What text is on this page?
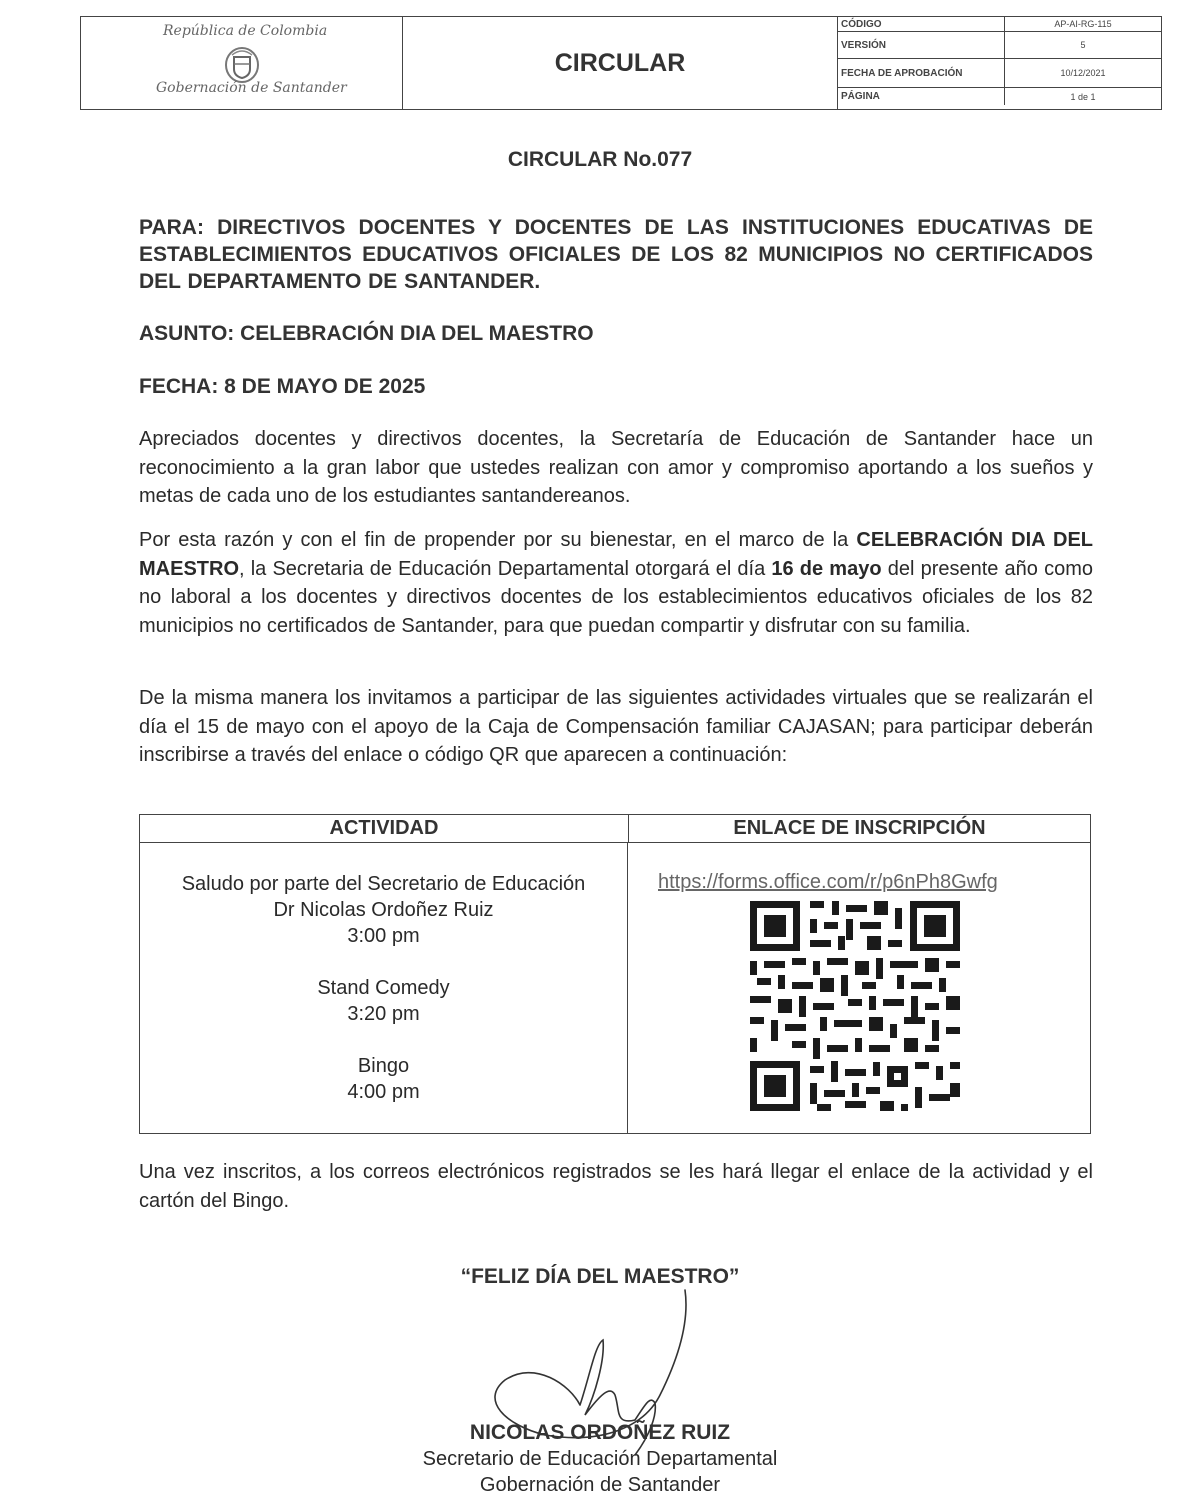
República de Colombia
Gobernación de Santander
CIRCULAR
CÓDIGO	AP-AI-RG-115
VERSIÓN	5
FECHA DE APROBACIÓN	10/12/2021
PÁGINA	1 de 1
CIRCULAR No.077
PARA: DIRECTIVOS DOCENTES Y DOCENTES DE LAS INSTITUCIONES EDUCATIVAS DE ESTABLECIMIENTOS EDUCATIVOS OFICIALES DE LOS 82 MUNICIPIOS NO CERTIFICADOS DEL DEPARTAMENTO DE SANTANDER.
ASUNTO: CELEBRACIÓN DIA DEL MAESTRO
FECHA: 8 DE MAYO DE 2025
Apreciados docentes y directivos docentes, la Secretaría de Educación de Santander hace un reconocimiento a la gran labor que ustedes realizan con amor y compromiso aportando a los sueños y metas de cada uno de los estudiantes santandereanos.
Por esta razón y con el fin de propender por su bienestar, en el marco de la CELEBRACIÓN DIA DEL MAESTRO, la Secretaria de Educación Departamental otorgará el día 16 de mayo del presente año como no laboral a los docentes y directivos docentes de los establecimientos educativos oficiales de los 82 municipios no certificados de Santander, para que puedan compartir y disfrutar con su familia.
De la misma manera los invitamos a participar de las siguientes actividades virtuales que se realizarán el día el 15 de mayo con el apoyo de la Caja de Compensación familiar CAJASAN; para participar deberán inscribirse a través del enlace o código QR que aparecen a continuación:
ACTIVIDAD	ENLACE DE INSCRIPCIÓN
Saludo por parte del Secretario de Educación
Dr Nicolas Ordoñez Ruiz
3:00 pm
Stand Comedy
3:20 pm
Bingo
4:00 pm
https://forms.office.com/r/p6nPh8Gwfg
Una vez inscritos, a los correos electrónicos registrados se les hará llegar el enlace de la actividad y el cartón del Bingo.
“FELIZ DÍA DEL MAESTRO”
NICOLAS ORDOÑEZ RUIZ
Secretario de Educación Departamental
Gobernación de Santander
